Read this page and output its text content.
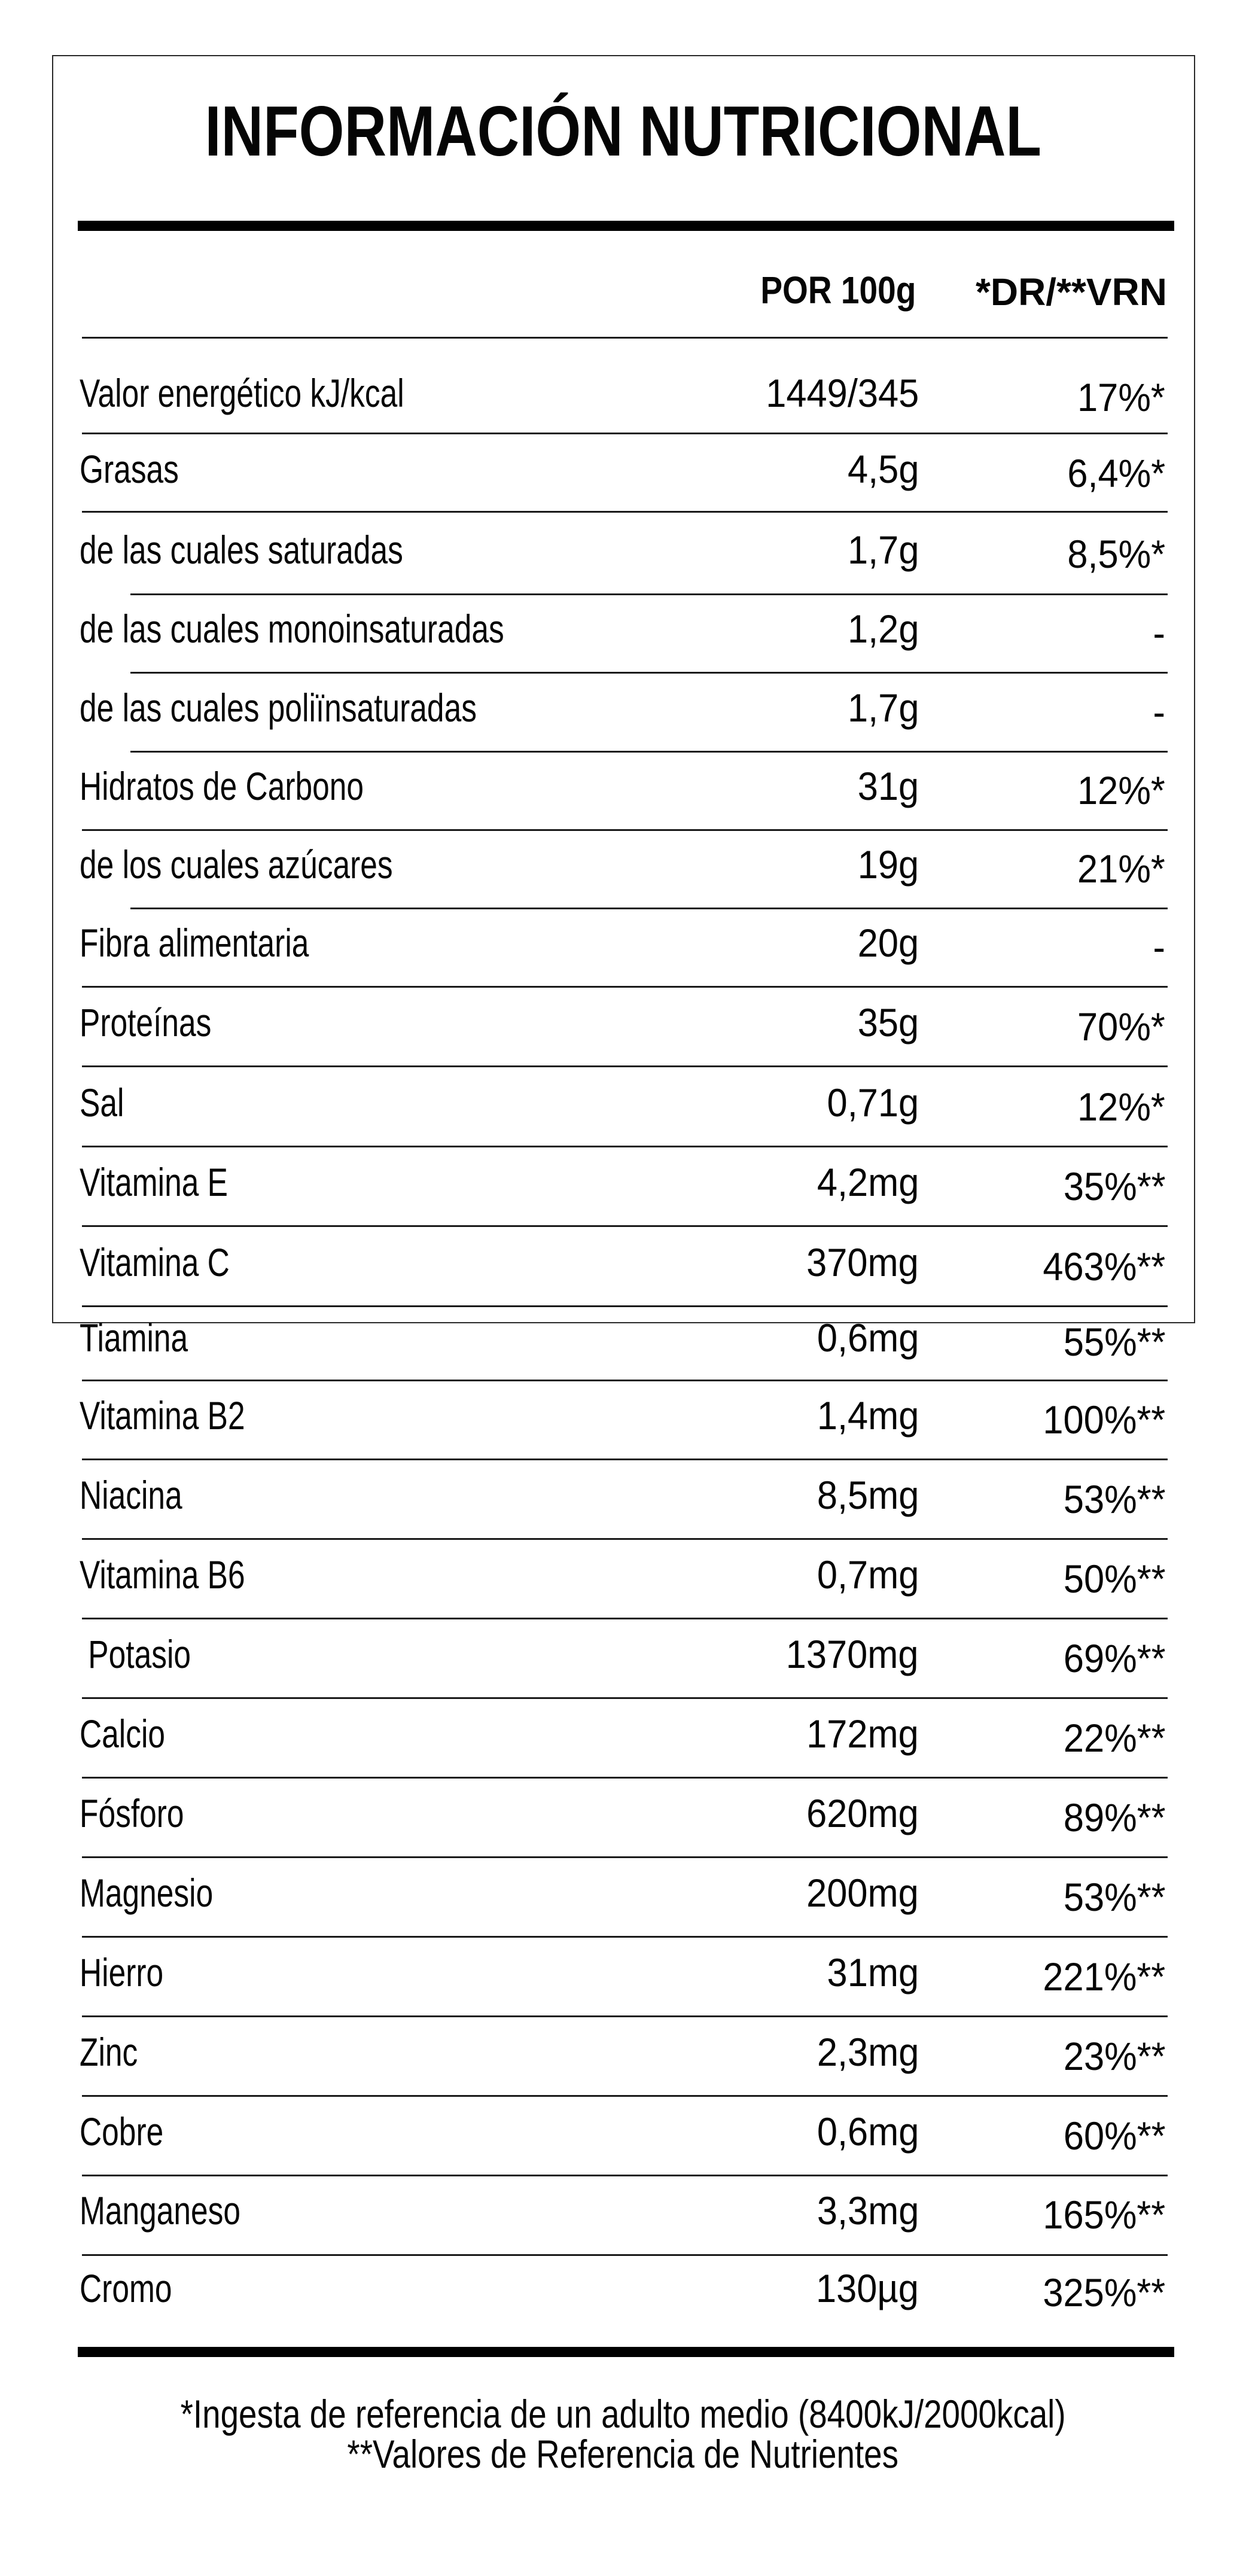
INFORMACIÓN NUTRICIONAL
POR 100g *DR/**VRN
Valor energético kJ/kcal	1449/345	17%*
Grasas	4,5g	6,4%*
de las cuales saturadas	1,7g	8,5%*
de las cuales monoinsaturadas	1,2g	-
de las cuales poliïnsaturadas	1,7g	-
Hidratos de Carbono	31g	12%*
de los cuales azúcares	19g	21%*
Fibra alimentaria	20g	-
Proteínas	35g	70%*
Sal	0,71g	12%*
Vitamina E	4,2mg	35%**
Vitamina C	370mg	463%**
Tiamina	0,6mg	55%**
Vitamina B2	1,4mg	100%**
Niacina	8,5mg	53%**
Vitamina B6	0,7mg	50%**
Potasio	1370mg	69%**
Calcio	172mg	22%**
Fósforo	620mg	89%**
Magnesio	200mg	53%**
Hierro	31mg	221%**
Zinc	2,3mg	23%**
Cobre	0,6mg	60%**
Manganeso	3,3mg	165%**
Cromo	130µg	325%**
*Ingesta de referencia de un adulto medio (8400kJ/2000kcal)
**Valores de Referencia de Nutrientes
